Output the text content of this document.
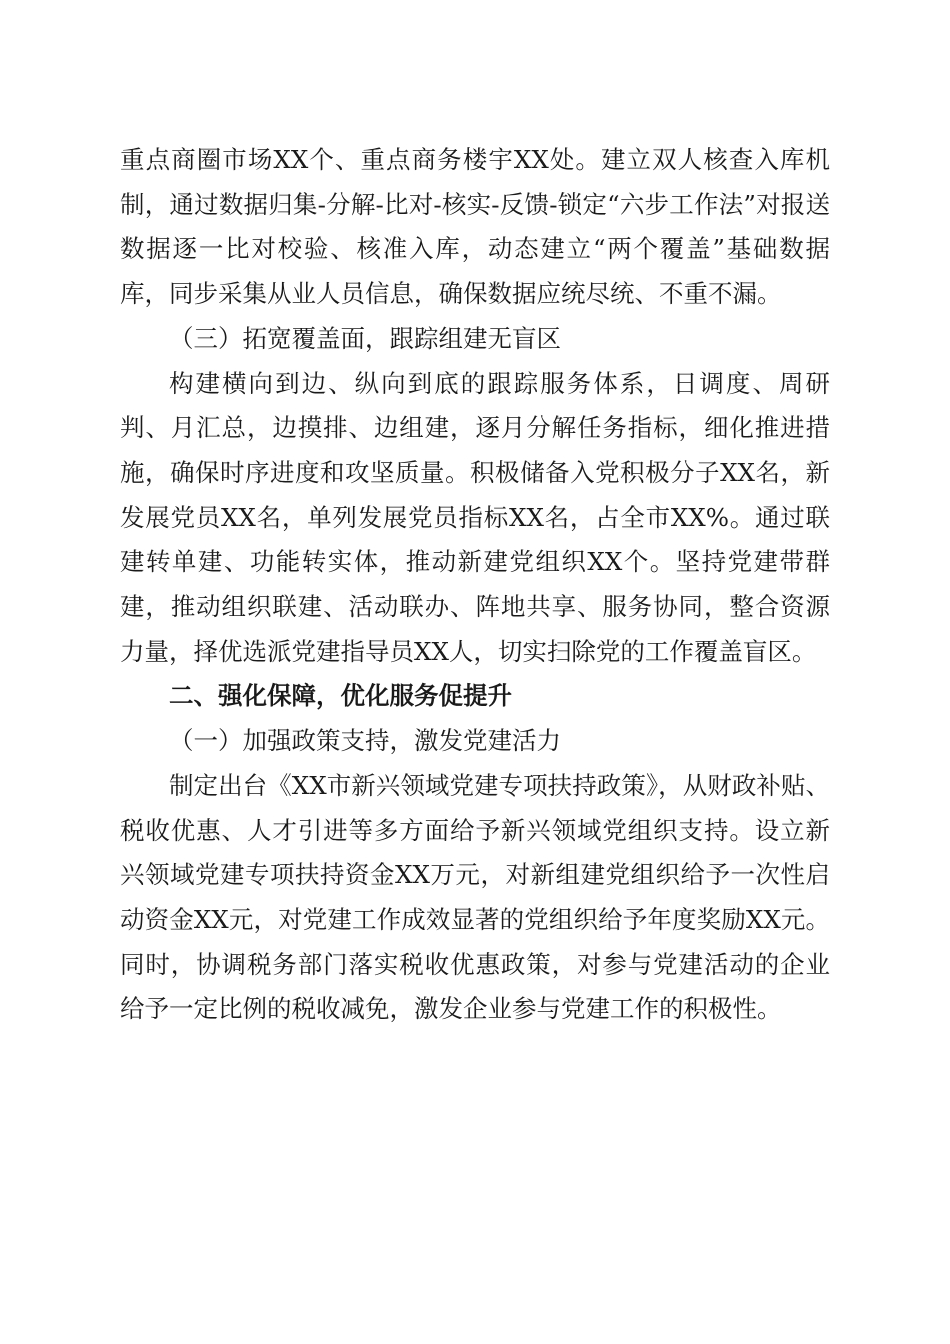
重点商圈市场XX个、重点商务楼宇XX处。建立双人核查入库机制，通过数据归集-分解-比对-核实-反馈-锁定“六步工作法”对报送数据逐一比对校验、核准入库，动态建立“两个覆盖”基础数据库，同步采集从业人员信息，确保数据应统尽统、不重不漏。

（三）拓宽覆盖面，跟踪组建无盲区

构建横向到边、纵向到底的跟踪服务体系，日调度、周研判、月汇总，边摸排、边组建，逐月分解任务指标，细化推进措施，确保时序进度和攻坚质量。积极储备入党积极分子XX名，新发展党员XX名，单列发展党员指标XX名，占全市XX%。通过联建转单建、功能转实体，推动新建党组织XX个。坚持党建带群建，推动组织联建、活动联办、阵地共享、服务协同，整合资源力量，择优选派党建指导员XX人，切实扫除党的工作覆盖盲区。

二、强化保障，优化服务促提升

（一）加强政策支持，激发党建活力

制定出台《XX市新兴领域党建专项扶持政策》，从财政补贴、税收优惠、人才引进等多方面给予新兴领域党组织支持。设立新兴领域党建专项扶持资金XX万元，对新组建党组织给予一次性启动资金XX元，对党建工作成效显著的党组织给予年度奖励XX元。同时，协调税务部门落实税收优惠政策，对参与党建活动的企业给予一定比例的税收减免，激发企业参与党建工作的积极性。
